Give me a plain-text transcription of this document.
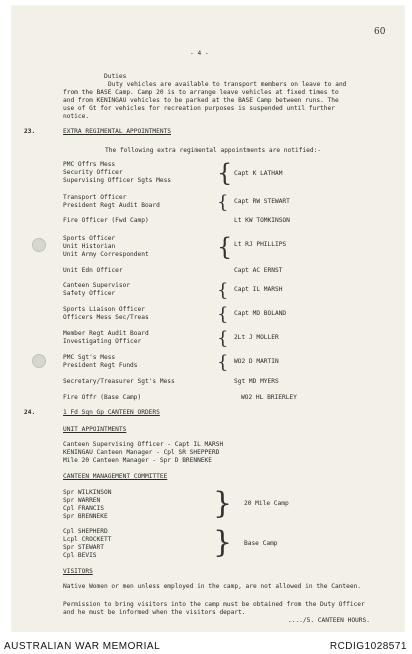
60
- 4 -
Duties
Duty vehicles are available to transport members on leave to and
from the BASE Camp. Camp 20 is to arrange leave vehicles at fixed times to
and from KENINGAU vehicles to be parked at the BASE Camp between runs. The
use of Gt for vehicles for recreation purposes is suspended until further
notice.
23.	EXTRA REGIMENTAL APPOINTMENTS
The following extra regimental appointments are notified:-
PMC Offrs Mess
Security Officer
Supervising Officer Sgts Mess { Capt K LATHAM
Transport Officer
President Regt Audit Board	{ Capt RW STEWART
Fire Officer (Fwd Camp)	Lt KW TOMKINSON
Sports Officer
Unit Historian
Unit Army Correspondent	{ Lt RJ PHILLIPS
Unit Edn Officer	Capt AC ERNST
Canteen Supervisor
Safety Officer	{ Capt IL MARSH
Sports Liaison Officer
Officers Mess Sec/Treas	{ Capt MD BOLAND
Member Regt Audit Board
Investigating Officer	{ 2Lt J MOLLER
PMC Sgt's Mess
President Regt Funds	{ WO2 D MARTIN
Secretary/Treasurer Sgt's Mess	Sgt MD MYERS
Fire Offr (Base Camp)	WO2 HL BRIERLEY
24.	1 Fd Sqn Gp CANTEEN ORDERS
UNIT APPOINTMENTS
Canteen Supervising Officer - Capt IL MARSH
KENINGAU Canteen Manager - Cpl SR SHEPPERD
Mile 20 Canteen Manager - Spr D BRENNEKE
CANTEEN MANAGEMENT COMMITTEE
Spr WILKINSON
Spr WARREN
Cpl FRANCIS
Spr BRENNEKE	} 20 Mile Camp
Cpl SHEPHERD
Lcpl CROCKETT
Spr STEWART
Cpl BEVIS	} Base Camp
VISITORS
Native Women or men unless employed in the camp, are not allowed in the Canteen.
Permission to bring visitors into the camp must be obtained from the Duty Officer
and he must be informed when the visitors depart.
..../5. CANTEEN HOURS.
AUSTRALIAN WAR MEMORIAL	RCDIG1028571
